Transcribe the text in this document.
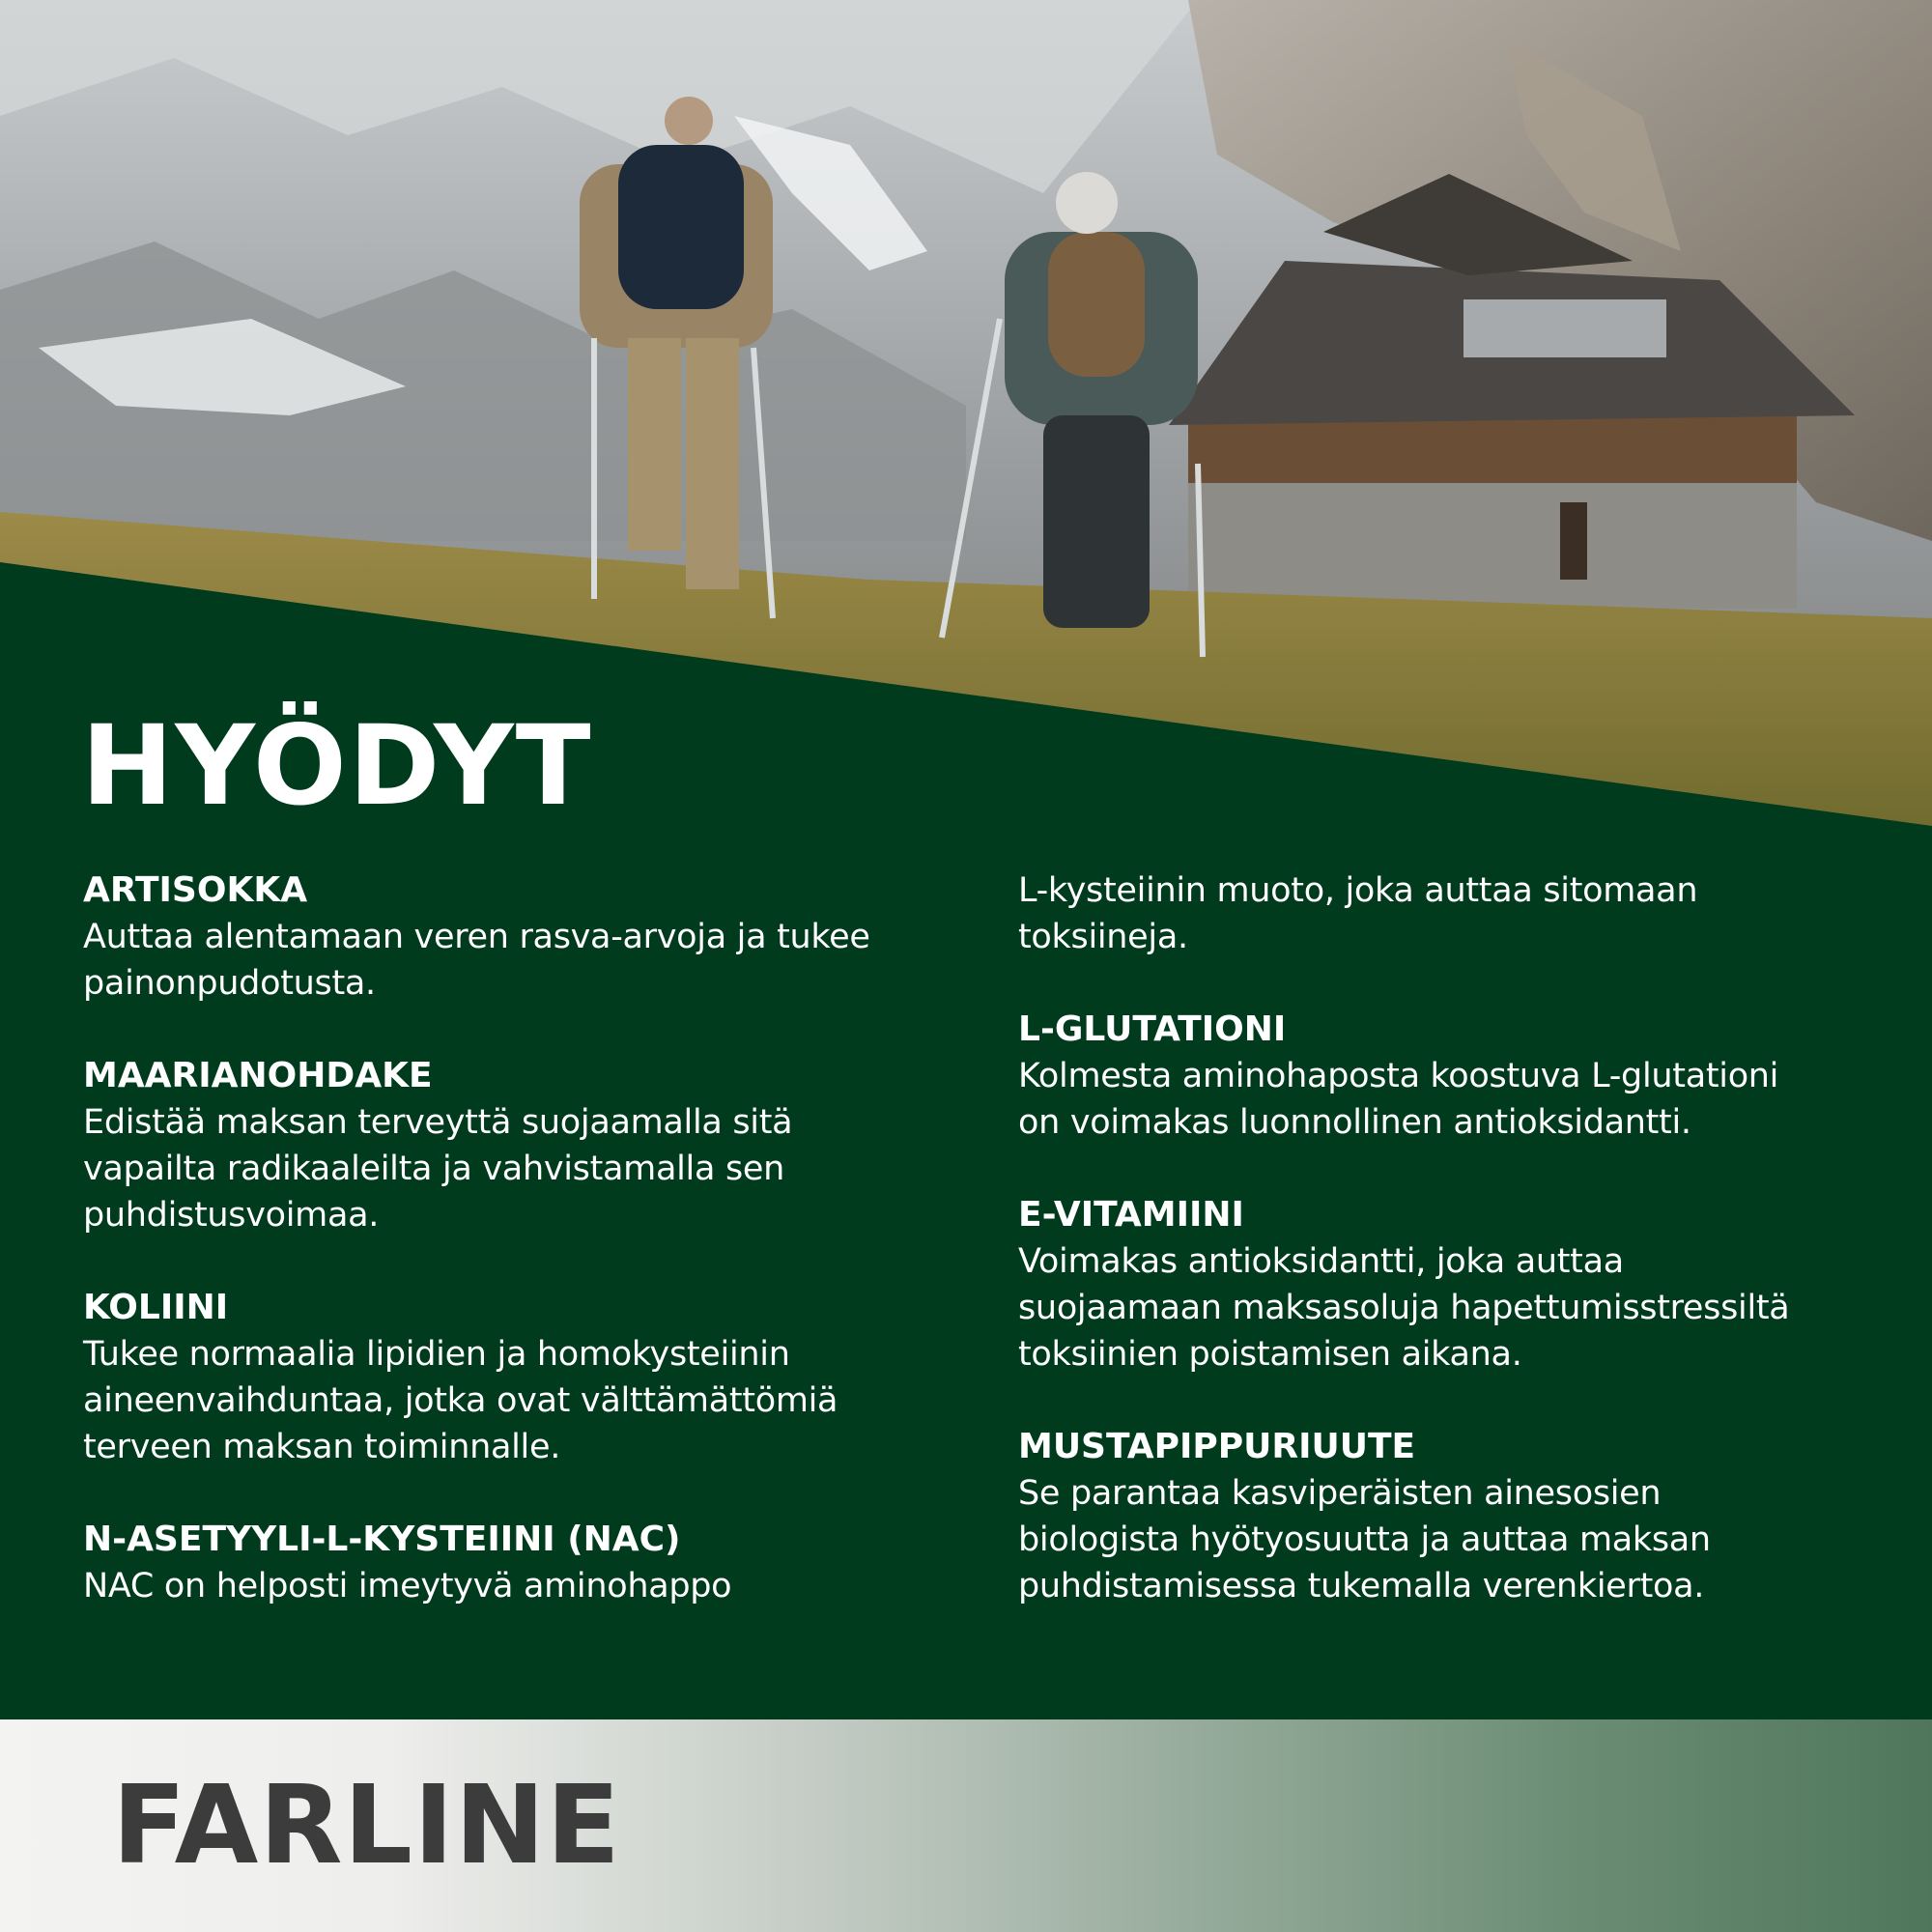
HYÖDYT

ARTISOKKA

Auttaa alentamaan veren rasva-arvoja ja tukee

painonpudotusta.

MAARIANOHDAKE

Edistää maksan terveyttä suojaamalla sitä

vapailta radikaaleilta ja vahvistamalla sen

puhdistusvoimaa.

KOLIINI

Tukee normaalia lipidien ja homokysteiinin

aineenvaihduntaa, jotka ovat välttämättömiä

terveen maksan toiminnalle.

N-ASETYYLI-L-KYSTEIINI (NAC)

NAC on helposti imeytyvä aminohappo

L-kysteiinin muoto, joka auttaa sitomaan

toksiineja.

L-GLUTATIONI

Kolmesta aminohaposta koostuva L-glutationi

on voimakas luonnollinen antioksidantti.

E-VITAMIINI

Voimakas antioksidantti, joka auttaa

suojaamaan maksasoluja hapettumisstressiltä

toksiinien poistamisen aikana.

MUSTAPIPPURIUUTE

Se parantaa kasviperäisten ainesosien

biologista hyötyosuutta ja auttaa maksan

puhdistamisessa tukemalla verenkiertoa.

FARLINE
